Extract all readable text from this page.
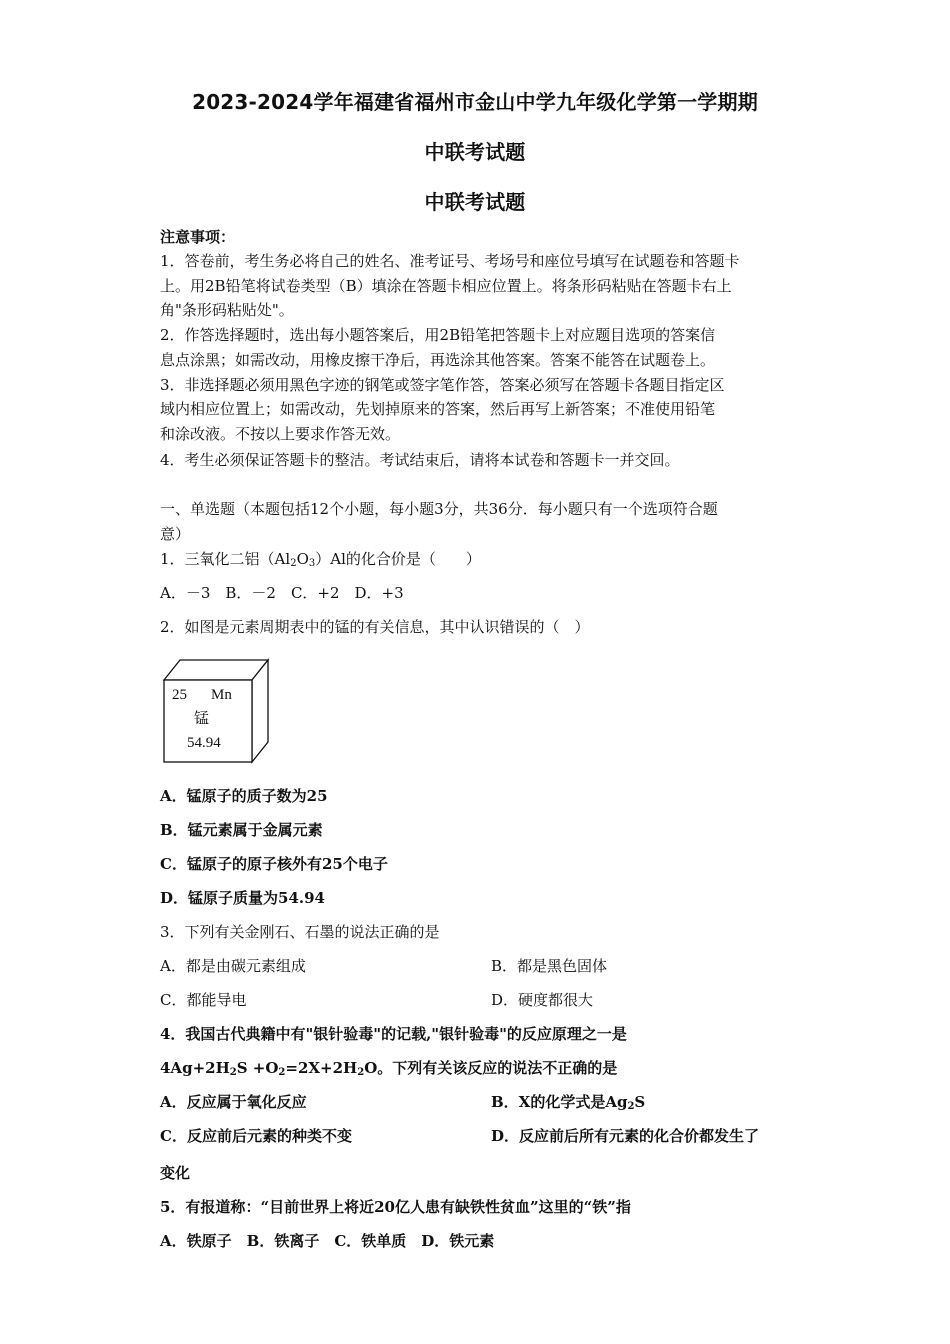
2023-2024学年福建省福州市金山中学九年级化学第一学期期
中联考试题
中联考试题
注意事项：
1．答卷前，考生务必将自己的姓名、准考证号、考场号和座位号填写在试题卷和答题卡
上。用2B铅笔将试卷类型（B）填涂在答题卡相应位置上。将条形码粘贴在答题卡右上
角"条形码粘贴处"。
2．作答选择题时，选出每小题答案后，用2B铅笔把答题卡上对应题目选项的答案信
息点涂黑；如需改动，用橡皮擦干净后，再选涂其他答案。答案不能答在试题卷上。
3．非选择题必须用黑色字迹的钢笔或签字笔作答，答案必须写在答题卡各题目指定区
域内相应位置上；如需改动，先划掉原来的答案，然后再写上新答案；不准使用铅笔
和涂改液。不按以上要求作答无效。
4．考生必须保证答题卡的整洁。考试结束后，请将本试卷和答题卡一并交回。
一、单选题（本题包括12个小题，每小题3分，共36分．每小题只有一个选项符合题
意）
1．三氧化二铝$(Al_2O_3)Al$的化合价是（　　）
A．－3　B．－2　C．+2　D．+3
2．如图是元素周期表中的锰的有关信息，其中认识错误的（　）
25 Mn
锰
54.94
A．锰原子的质子数为25
B．锰元素属于金属元素
C．锰原子的原子核外有25个电子
D．锰原子质量为54.94
3．下列有关金刚石、石墨的说法正确的是
A．都是由碳元素组成	B．都是黑色固体
C．都能导电	D．硬度都很大
4．我国古代典籍中有"银针验毒"的记载,"银针验毒"的反应原理之一是
$4Ag+2H_2S +O_2=2X+2H_2O$。下列有关该反应的说法不正确的是
A．反应属于氧化反应	B．X的化学式是$Ag_2S$
C．反应前后元素的种类不变	D．反应前后所有元素的化合价都发生了
变化
5．有报道称：“目前世界上将近20亿人患有缺铁性贫血”这里的“铁”指
A．铁原子　B．铁离子　C．铁单质　D．铁元素
